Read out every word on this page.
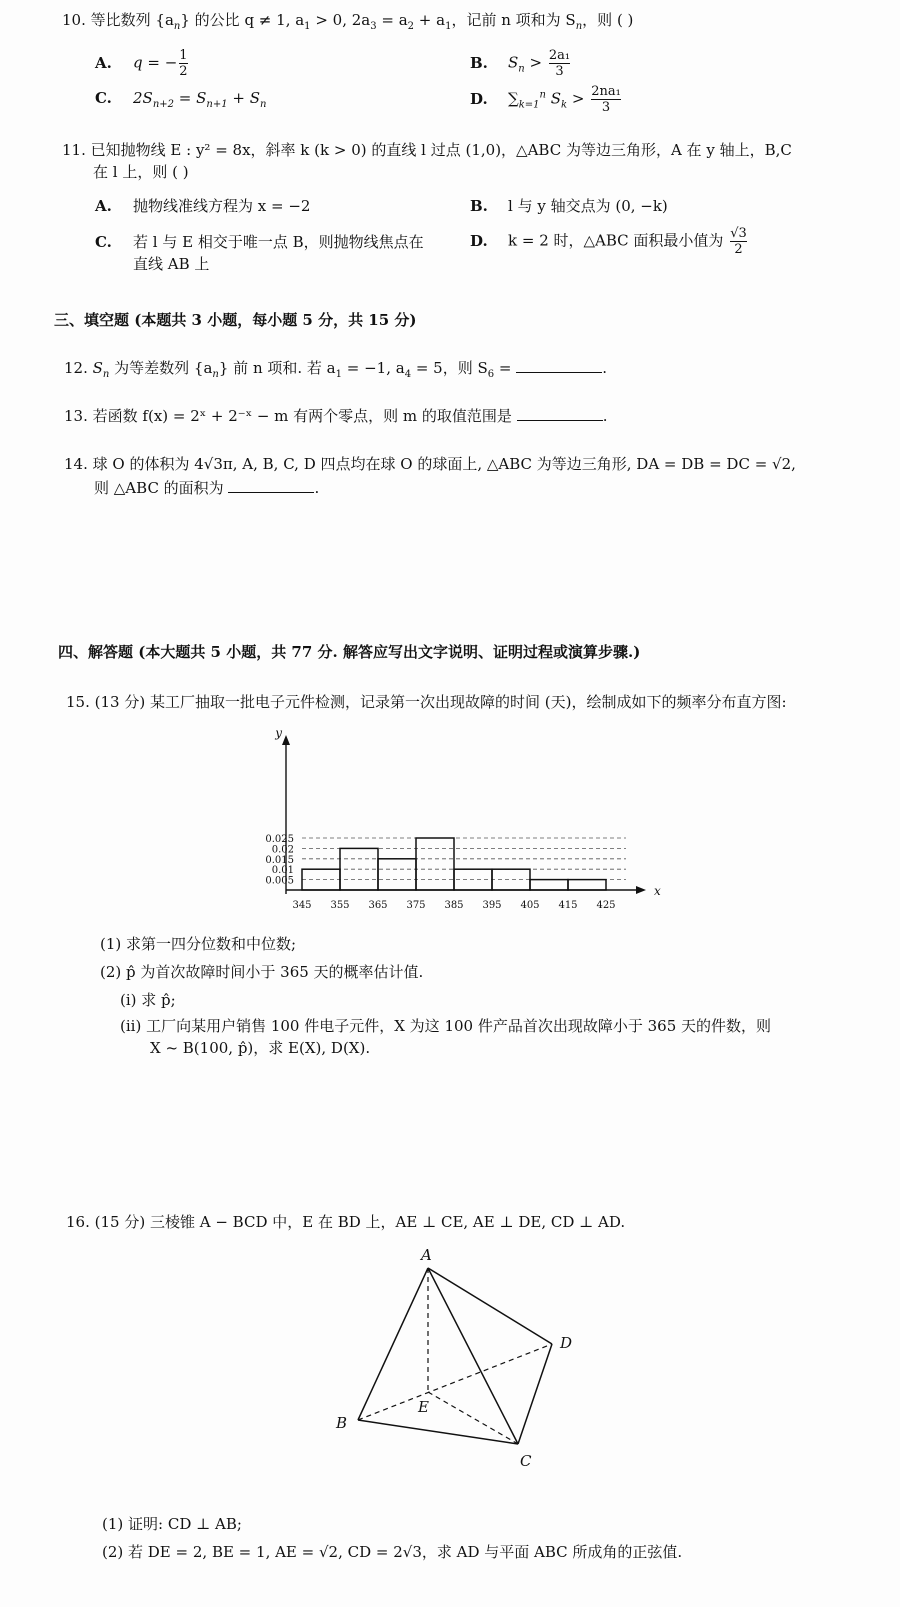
10. 等比数列 $\{a_n\}$ 的公比 q ≠ 1, $a_1 > 0$, $2a_3 = a_2 + a_1$，记前 n 项和为 $S_n$，则 ( )
A. q = − $\frac{1}{2}$	B. $S_n > \frac{\text{2a₁}}{3}$
C. $2S_{n+2} = S_{n+1} + S_n$	D. $\sum_{k=1}^n$ $S_k > \frac{\text{2na₁}}{3}$
11. 已知抛物线 E : y² = 8x，斜率 k (k > 0) 的直线 l 过点 (1,0)，△ABC 为等边三角形，A 在 y 轴上，B,C
在 l 上，则 ( )
A. 抛物线准线方程为 x = −2	B. l 与 y 轴交点为 (0, −k)
C. 若 l 与 E 相交于唯一点 B，则抛物线焦点在
直线 AB 上
D. k = 2 时，△ABC 面积最小值为 $\frac{√3}{2}$
三、填空题 (本题共 3 小题，每小题 5 分，共 15 分)
12. $S_n$ 为等差数列 $\{a_n\}$ 前 n 项和. 若 $a_1 = -1$, $a_4 = 5$，则 $S_6$ =	.
13. 若函数 f(x) = 2ˣ + 2⁻ˣ − m 有两个零点，则 m 的取值范围是	.
14. 球 O 的体积为 4√3π, A, B, C, D 四点均在球 O 的球面上, △ABC 为等边三角形, DA = DB = DC = √2,
则 △ABC 的面积为	.
四、解答题 (本大题共 5 小题，共 77 分. 解答应写出文字说明、证明过程或演算步骤.)
15. (13 分) 某工厂抽取一批电子元件检测，记录第一次出现故障的时间 (天)，绘制成如下的频率分布直方图:
0.005
0.01
0.015
0.02
0.025
345 355 365 375 385 395 405 415 425
x
y
(1) 求第一四分位数和中位数;
(2) p̂ 为首次故障时间小于 365 天的概率估计值.
(i) 求 p̂;
(ii) 工厂向某用户销售 100 件电子元件，X 为这 100 件产品首次出现故障小于 365 天的件数，则
X ~ B(100, p̂)，求 E(X), D(X).
16. (15 分) 三棱锥 A − BCD 中，E 在 BD 上，AE ⊥ CE, AE ⊥ DE, CD ⊥ AD.
A
B
C
D
E
(1) 证明: CD ⊥ AB;
(2) 若 DE = 2, BE = 1, AE = √2, CD = 2√3，求 AD 与平面 ABC 所成角的正弦值.
